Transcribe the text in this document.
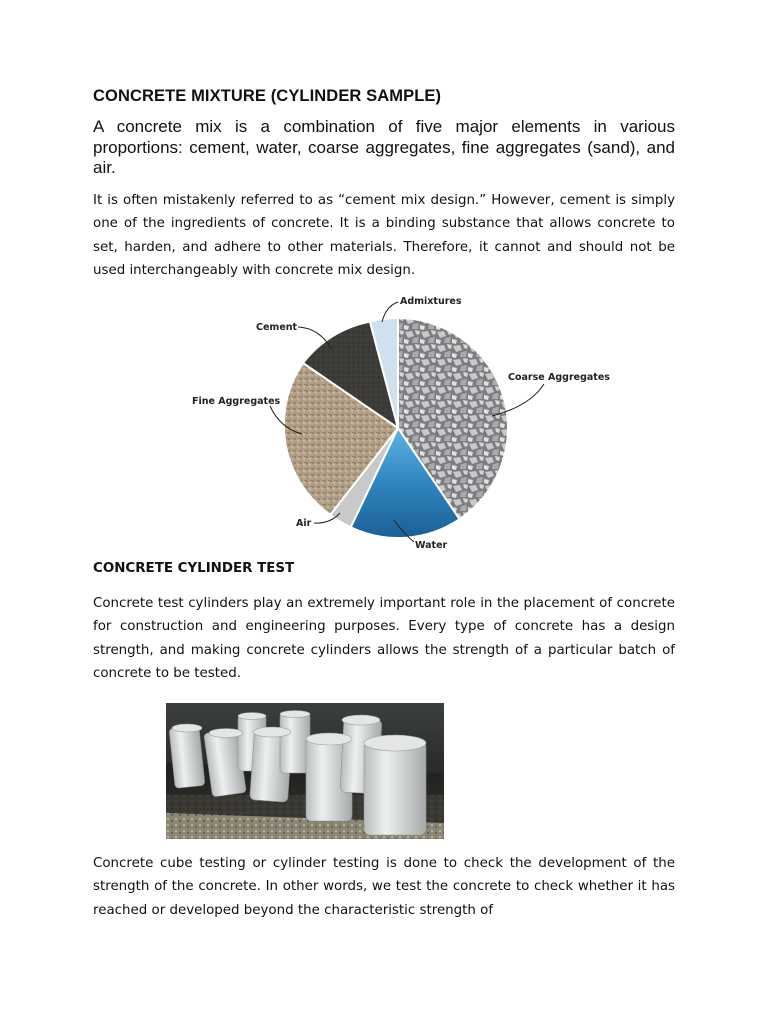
CONCRETE MIXTURE (CYLINDER SAMPLE)
A concrete mix is a combination of five major elements in various proportions: cement, water, coarse aggregates, fine aggregates (sand), and air.
It is often mistakenly referred to as “cement mix design.” However, cement is simply one of the ingredients of concrete. It is a binding substance that allows concrete to set, harden, and adhere to other materials. Therefore, it cannot and should not be used interchangeably with concrete mix design.
Admixtures
Cement
Coarse Aggregates
Fine Aggregates
Air
Water
CONCRETE CYLINDER TEST
Concrete test cylinders play an extremely important role in the placement of concrete for construction and engineering purposes. Every type of concrete has a design strength, and making concrete cylinders allows the strength of a particular batch of concrete to be tested.
Concrete cube testing or cylinder testing is done to check the development of the strength of the concrete. In other words, we test the concrete to check whether it has reached or developed beyond the characteristic strength of
